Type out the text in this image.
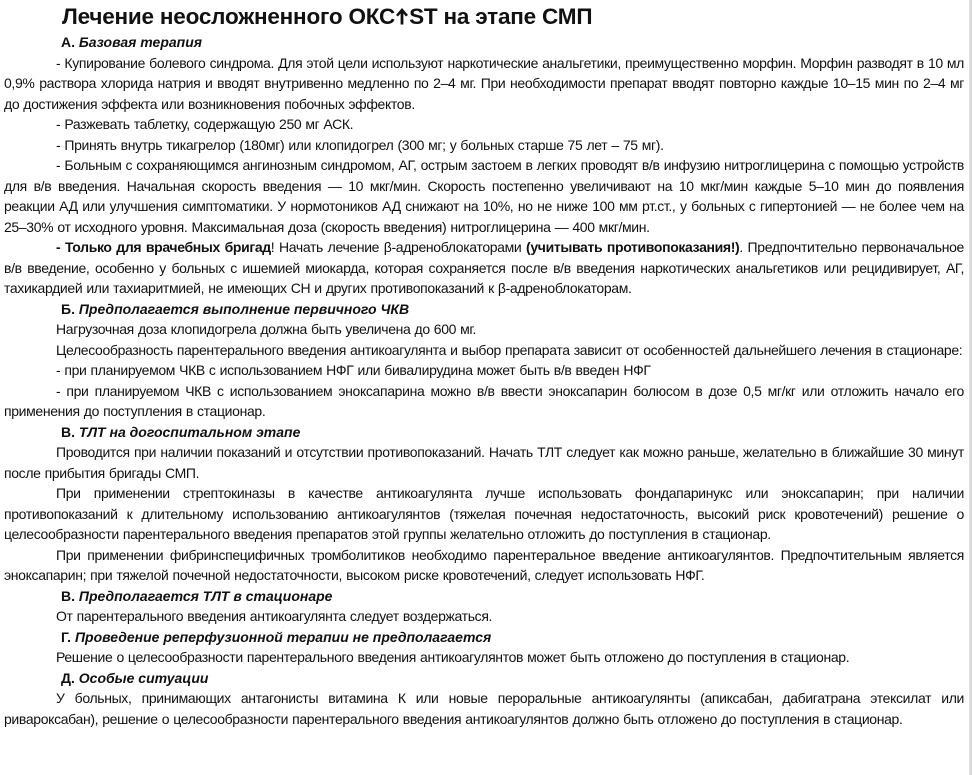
Лечение неосложненного ОКС ST на этапе СМП

А. Базовая терапия

- Купирование болевого синдрома. Для этой цели используют наркотические анальгетики, преимущественно морфин. Морфин разводят в 10 мл 0,9% раствора хлорида натрия и вводят внутривенно медленно по 2–4 мг. При необходимости препарат вводят повторно каждые 10–15 мин по 2–4 мг до достижения эффекта или возникновения побочных эффектов.

- Разжевать таблетку, содержащую 250 мг АСК.

- Принять внутрь тикагрелор (180мг) или клопидогрел (300 мг; у больных старше 75 лет – 75 мг).

- Больным с сохраняющимся ангинозным синдромом, АГ, острым застоем в легких проводят в/в инфузию нитроглицерина с помощью устройств для в/в введения. Начальная скорость введения — 10 мкг/мин. Скорость постепенно увеличивают на 10 мкг/мин каждые 5–10 мин до появления реакции АД или улучшения симптоматики. У нормотоников АД снижают на 10%, но не ниже 100 мм рт.ст., у больных с гипертонией — не более чем на 25–30% от исходного уровня. Максимальная доза (скорость введения) нитроглицерина — 400 мкг/мин.

- Только для врачебных бригад! Начать лечение β-адреноблокаторами (учитывать противопоказания!). Предпочтительно первоначальное в/в введение, особенно у больных с ишемией миокарда, которая сохраняется после в/в введения наркотических анальгетиков или рецидивирует, АГ, тахикардией или тахиаритмией, не имеющих СН и других противопоказаний к β-адреноблокаторам.

Б. Предполагается выполнение первичного ЧКВ

Нагрузочная доза клопидогрела должна быть увеличена до 600 мг.

Целесообразность парентерального введения антикоагулянта и выбор препарата зависит от особенностей дальнейшего лечения в стационаре:

- при планируемом ЧКВ с использованием НФГ или бивалирудина может быть в/в введен НФГ

- при планируемом ЧКВ с использованием эноксапарина можно в/в ввести эноксапарин болюсом в дозе 0,5 мг/кг или отложить начало его применения до поступления в стационар.

В. ТЛТ на догоспитальном этапе

Проводится при наличии показаний и отсутствии противопоказаний. Начать ТЛТ следует как можно раньше, желательно в ближайшие 30 минут после прибытия бригады СМП.

При применении стрептокиназы в качестве антикоагулянта лучше использовать фондапаринукс или эноксапарин; при наличии противопоказаний к длительному использованию антикоагулянтов (тяжелая почечная недостаточность, высокий риск кровотечений) решение о целесообразности парентерального введения препаратов этой группы желательно отложить до поступления в стационар.

При применении фибринспецифичных тромболитиков необходимо парентеральное введение антикоагулянтов. Предпочтительным является эноксапарин; при тяжелой почечной недостаточности, высоком риске кровотечений, следует использовать НФГ.

В. Предполагается ТЛТ в стационаре

От парентерального введения антикоагулянта следует воздержаться.

Г. Проведение реперфузионной терапии не предполагается

Решение о целесообразности парентерального введения антикоагулянтов может быть отложено до поступления в стационар.

Д. Особые ситуации

У больных, принимающих антагонисты витамина К или новые пероральные антикоагулянты (апиксабан, дабигатрана этексилат или ривароксабан), решение о целесообразности парентерального введения антикоагулянтов должно быть отложено до поступления в стационар.
